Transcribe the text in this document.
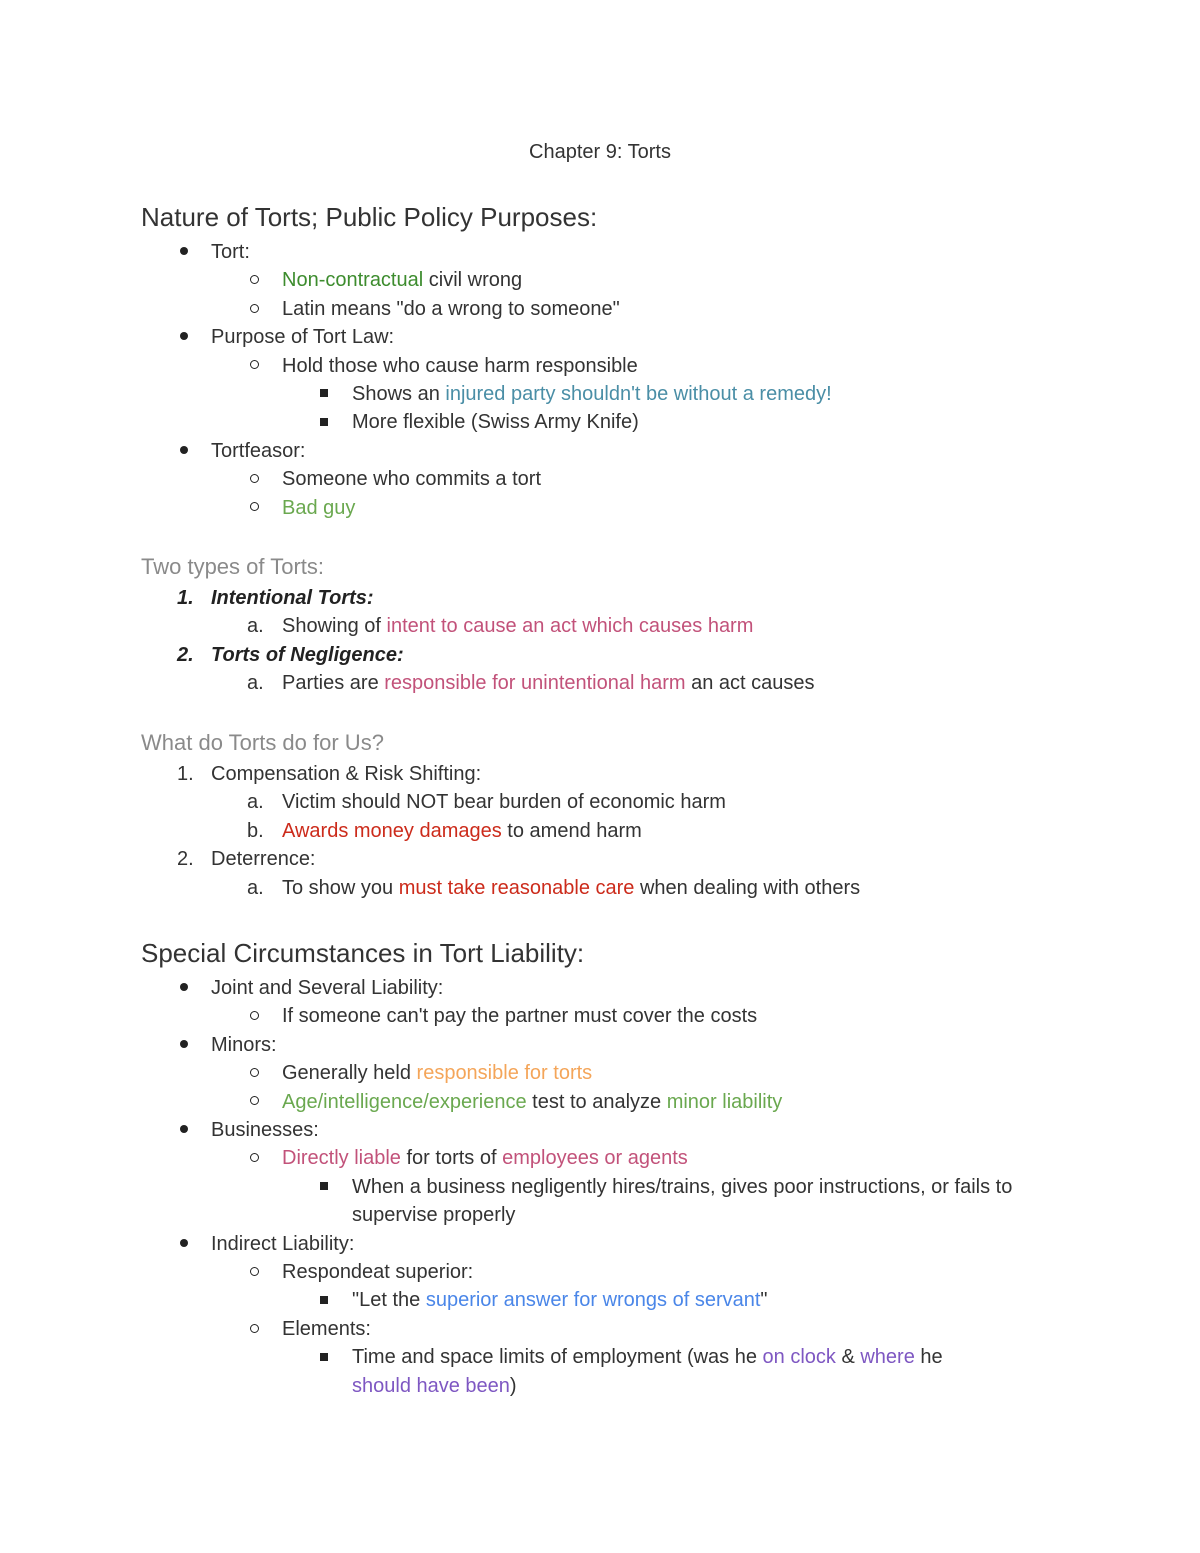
Chapter 9: Torts
Nature of Torts; Public Policy Purposes:
Tort:
Non-contractual civil wrong
Latin means "do a wrong to someone"
Purpose of Tort Law:
Hold those who cause harm responsible
Shows an injured party shouldn't be without a remedy!
More flexible (Swiss Army Knife)
Tortfeasor:
Someone who commits a tort
Bad guy
Two types of Torts:
1. Intentional Torts:
a. Showing of intent to cause an act which causes harm
2. Torts of Negligence:
a. Parties are responsible for unintentional harm an act causes
What do Torts do for Us?
1. Compensation & Risk Shifting:
a. Victim should NOT bear burden of economic harm
b. Awards money damages to amend harm
2. Deterrence:
a. To show you must take reasonable care when dealing with others
Special Circumstances in Tort Liability:
Joint and Several Liability:
If someone can't pay the partner must cover the costs
Minors:
Generally held responsible for torts
Age/intelligence/experience test to analyze minor liability
Businesses:
Directly liable for torts of employees or agents
When a business negligently hires/trains, gives poor instructions, or fails to supervise properly
Indirect Liability:
Respondeat superior:
"Let the superior answer for wrongs of servant"
Elements:
Time and space limits of employment (was he on clock & where he should have been)
